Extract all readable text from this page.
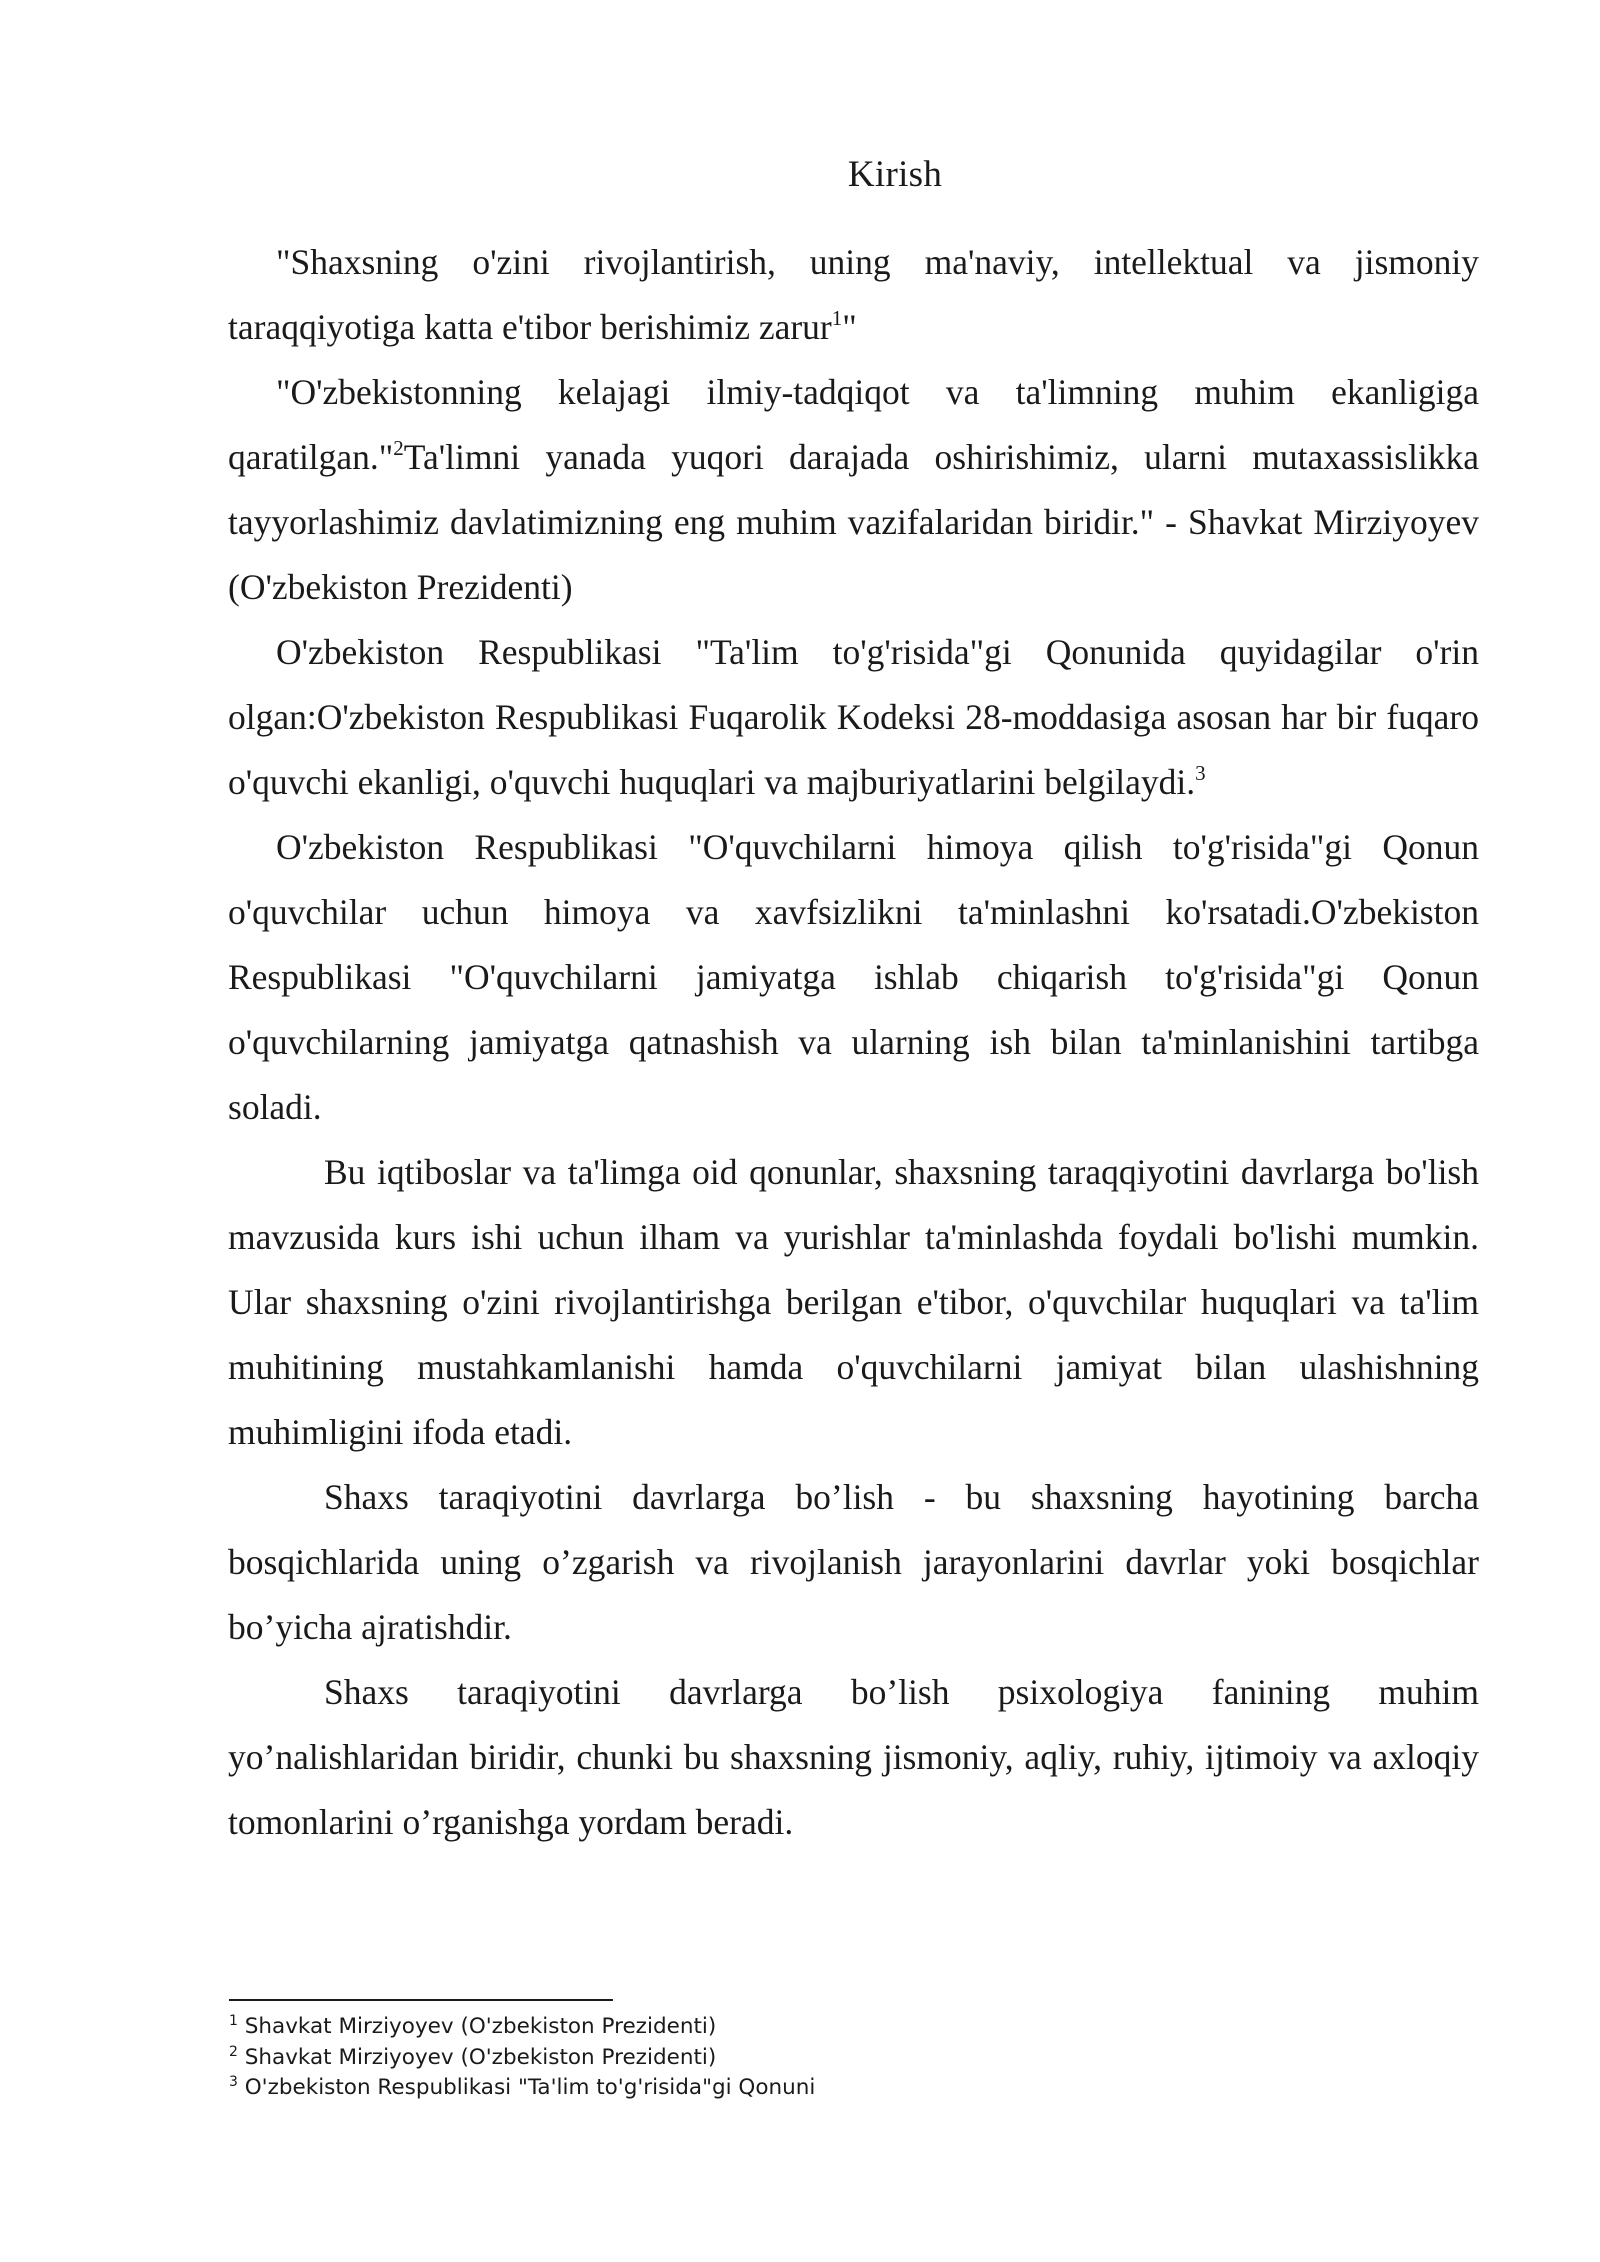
Kirish

"Shaxsning o'zini rivojlantirish, uning ma'naviy, intellektual va jismoniy taraqqiyotiga katta e'tibor berishimiz zarur$^1$"

"O'zbekistonning kelajagi ilmiy-tadqiqot va ta'limning muhim ekanligiga qaratilgan."$^2$Ta'limni yanada yuqori darajada oshirishimiz, ularni mutaxassislikka tayyorlashimiz davlatimizning eng muhim vazifalaridan biridir." - Shavkat Mirziyoyev (O'zbekiston Prezidenti)

O'zbekiston Respublikasi "Ta'lim to'g'risida"gi Qonunida quyidagilar o'rin olgan:O'zbekiston Respublikasi Fuqarolik Kodeksi 28-moddasiga asosan har bir fuqaro o'quvchi ekanligi, o'quvchi huquqlari va majburiyatlarini belgilaydi.$^3$

O'zbekiston Respublikasi "O'quvchilarni himoya qilish to'g'risida"gi Qonun o'quvchilar uchun himoya va xavfsizlikni ta'minlashni ko'rsatadi.O'zbekiston Respublikasi "O'quvchilarni jamiyatga ishlab chiqarish to'g'risida"gi Qonun o'quvchilarning jamiyatga qatnashish va ularning ish bilan ta'minlanishini tartibga soladi.

Bu iqtiboslar va ta'limga oid qonunlar, shaxsning taraqqiyotini davrlarga bo'lish mavzusida kurs ishi uchun ilham va yurishlar ta'minlashda foydali bo'lishi mumkin. Ular shaxsning o'zini rivojlantirishga berilgan e'tibor, o'quvchilar huquqlari va ta'lim muhitining mustahkamlanishi hamda o'quvchilarni jamiyat bilan ulashishning muhimligini ifoda etadi.

Shaxs taraqiyotini davrlarga bo’lish - bu shaxsning hayotining barcha bosqichlarida uning o’zgarish va rivojlanish jarayonlarini davrlar yoki bosqichlar bo’yicha ajratishdir.

Shaxs taraqiyotini davrlarga bo’lish psixologiya fanining muhim yo’nalishlaridan biridir, chunki bu shaxsning jismoniy, aqliy, ruhiy, ijtimoiy va axloqiy tomonlarini o’rganishga yordam beradi.

$^1$ Shavkat Mirziyoyev (O'zbekiston Prezidenti)

$^2$ Shavkat Mirziyoyev (O'zbekiston Prezidenti)

$^3$ O'zbekiston Respublikasi "Ta'lim to'g'risida"gi Qonuni
